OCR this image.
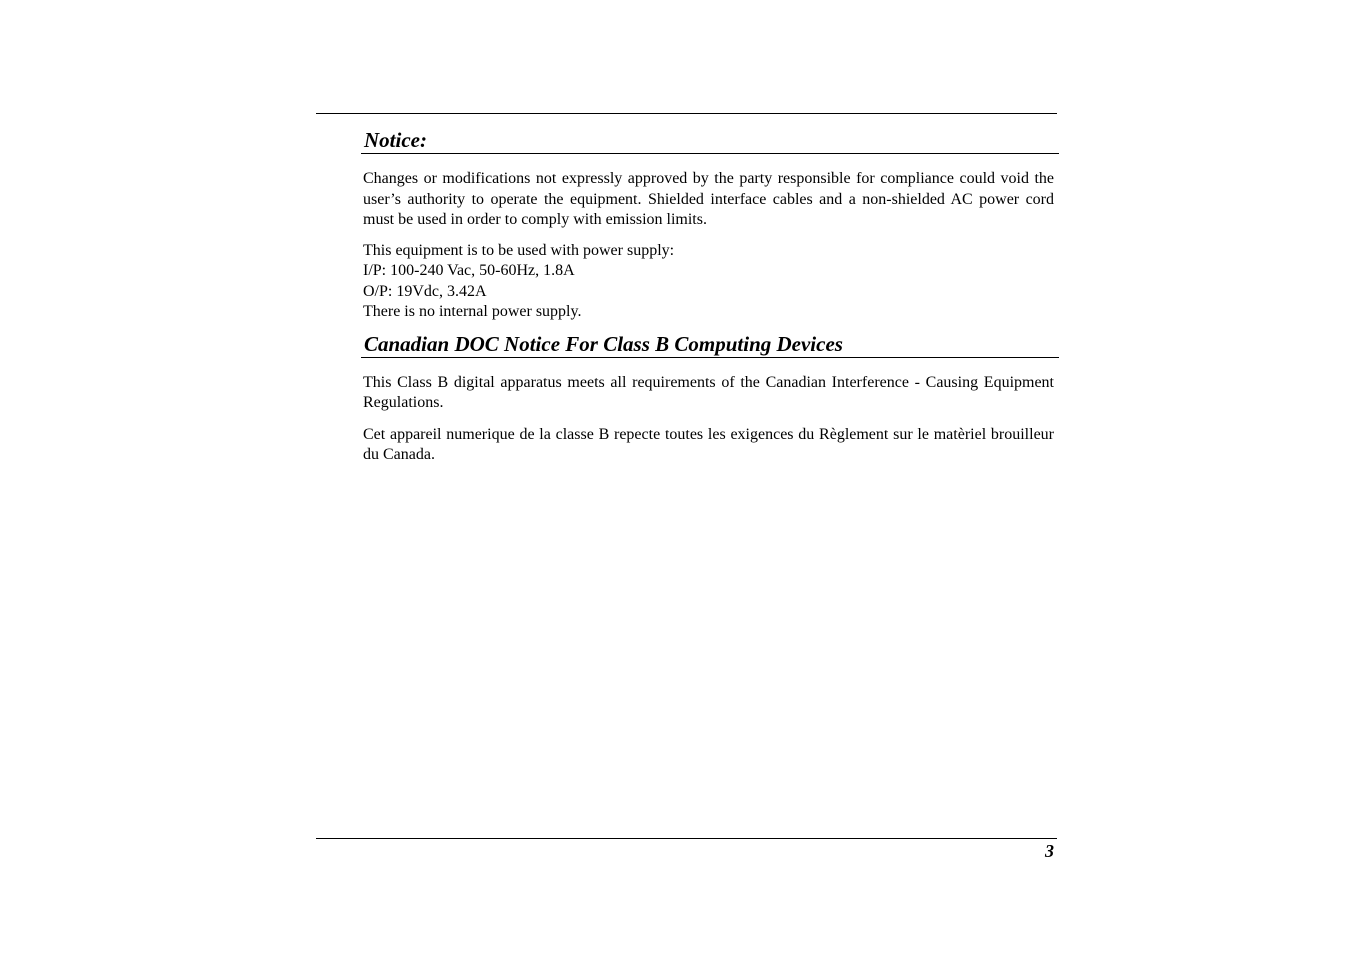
Notice:

Changes or modifications not expressly approved by the party responsible for compliance could void the user’s authority to operate the equipment. Shielded interface cables and a non-shielded AC power cord must be used in order to comply with emission limits.

This equipment is to be used with power supply:
I/P: 100-240 Vac, 50-60Hz, 1.8A
O/P: 19Vdc, 3.42A
There is no internal power supply.
Canadian DOC Notice For Class B Computing Devices

This Class B digital apparatus meets all requirements of the Canadian Interference - Causing Equipment Regulations.

Cet appareil numerique de la classe B repecte toutes les exigences du Règlement sur le matèriel brouilleur du Canada.

3
